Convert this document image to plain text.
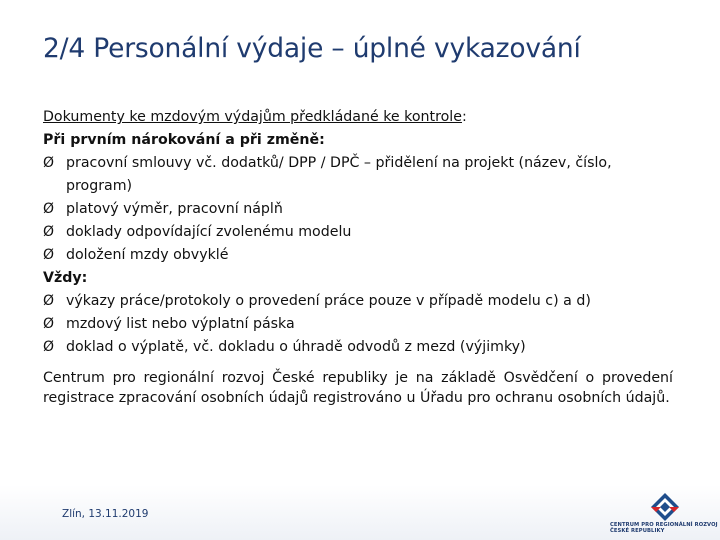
2/4 Personální výdaje – úplné vykazování
Dokumenty ke mzdovým výdajům předkládané ke kontrole:
Při prvním nárokování a při změně:
Ø pracovní smlouvy vč. dodatků/ DPP / DPČ – přidělení na projekt (název, číslo, program)
Ø platový výměr, pracovní náplň
Ø doklady odpovídající zvolenému modelu
Ø doložení mzdy obvyklé
Vždy:
Ø výkazy práce/protokoly o provedení práce pouze v případě modelu c) a d)
Ø mzdový list nebo výplatní páska
Ø doklad o výplatě, vč. dokladu o úhradě odvodů z mezd (výjimky)
Centrum pro regionální rozvoj České republiky je na základě Osvědčení o provedení registrace zpracování osobních údajů registrováno u Úřadu pro ochranu osobních údajů.
Zlín, 13.11.2019
CENTRUM PRO REGIONÁLNÍ ROZVOJ
ČESKÉ REPUBLIKY
